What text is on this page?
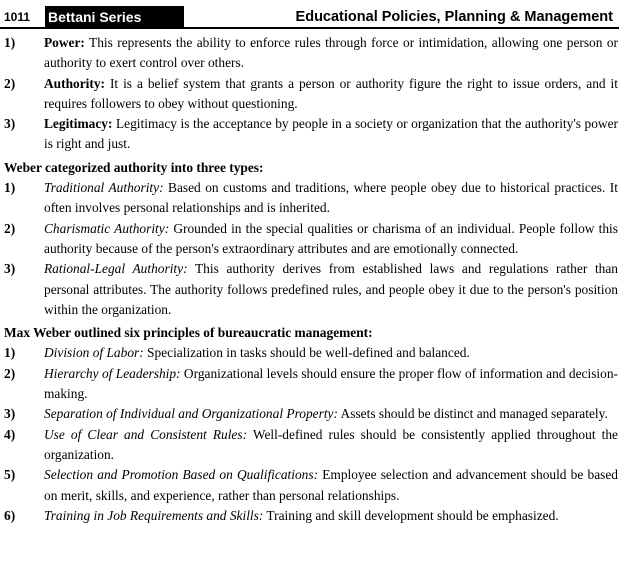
1011	Bettani Series	Educational Policies, Planning & Management
1)	Power: This represents the ability to enforce rules through force or intimidation, allowing one person or authority to exert control over others.
2)	Authority: It is a belief system that grants a person or authority figure the right to issue orders, and it requires followers to obey without questioning.
3)	Legitimacy: Legitimacy is the acceptance by people in a society or organization that the authority's power is right and just.
Weber categorized authority into three types:
1)	Traditional Authority: Based on customs and traditions, where people obey due to historical practices. It often involves personal relationships and is inherited.
2)	Charismatic Authority: Grounded in the special qualities or charisma of an individual. People follow this authority because of the person's extraordinary attributes and are emotionally connected.
3)	Rational-Legal Authority: This authority derives from established laws and regulations rather than personal attributes. The authority follows predefined rules, and people obey it due to the person's position within the organization.
Max Weber outlined six principles of bureaucratic management:
1)	Division of Labor: Specialization in tasks should be well-defined and balanced.
2)	Hierarchy of Leadership: Organizational levels should ensure the proper flow of information and decision-making.
3)	Separation of Individual and Organizational Property: Assets should be distinct and managed separately.
4)	Use of Clear and Consistent Rules: Well-defined rules should be consistently applied throughout the organization.
5)	Selection and Promotion Based on Qualifications: Employee selection and advancement should be based on merit, skills, and experience, rather than personal relationships.
6)	Training in Job Requirements and Skills: Training and skill development should be emphasized.
